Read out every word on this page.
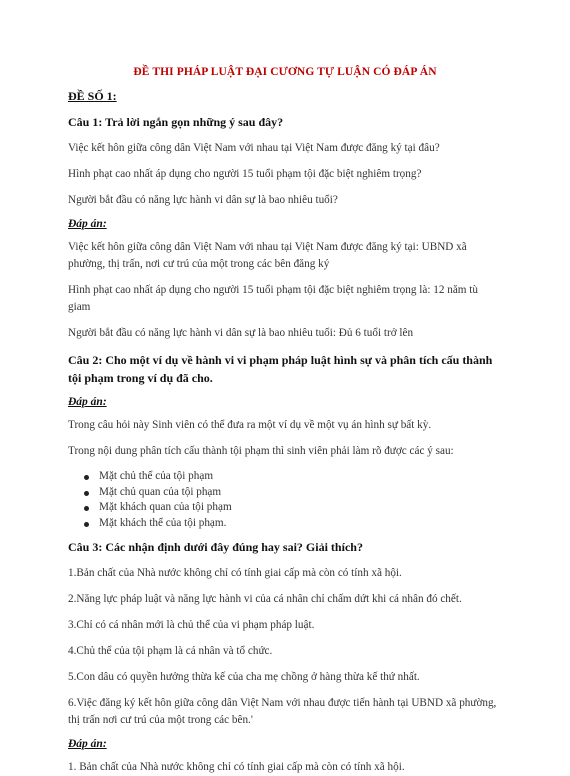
ĐỀ THI PHÁP LUẬT ĐẠI CƯƠNG TỰ LUẬN CÓ ĐÁP ÁN
ĐỀ SỐ 1:
Câu 1: Trả lời ngắn gọn những ý sau đây?
Việc kết hôn giữa công dân Việt Nam với nhau tại Việt Nam được đăng ký tại đâu?
Hình phạt cao nhất áp dụng cho người 15 tuổi phạm tội đặc biệt nghiêm trọng?
Người bắt đầu có năng lực hành vi dân sự là bao nhiêu tuổi?
Đáp án:
Việc kết hôn giữa công dân Việt Nam với nhau tại Việt Nam được đăng ký tại: UBND xã phường, thị trấn, nơi cư trú của một trong các bên đăng ký
Hình phạt cao nhất áp dụng cho người 15 tuổi phạm tội đặc biệt nghiêm trọng là: 12 năm tù giam
Người bắt đầu có năng lực hành vi dân sự là bao nhiêu tuổi: Đủ 6 tuổi trở lên
Câu 2: Cho một ví dụ về hành vi vi phạm pháp luật hình sự và phân tích cấu thành tội phạm trong ví dụ đã cho.
Đáp án:
Trong câu hỏi này Sinh viên có thể đưa ra một ví dụ về một vụ án hình sự bất kỳ.
Trong nội dung phân tích cấu thành tội phạm thì sinh viên phải làm rõ được các ý sau:
Mặt chủ thể của tội phạm
Mặt chủ quan của tội phạm
Mặt khách quan của tội phạm
Mặt khách thể của tội phạm.
Câu 3: Các nhận định dưới đây đúng hay sai? Giải thích?
1.Bản chất của Nhà nước không chỉ có tính giai cấp mà còn có tính xã hội.
2.Năng lực pháp luật và năng lực hành vi của cá nhân chỉ chấm dứt khi cá nhân đó chết.
3.Chỉ có cá nhân mới là chủ thể của vi phạm pháp luật.
4.Chủ thể của tội phạm là cá nhân và tổ chức.
5.Con dâu có quyền hưởng thừa kế của cha mẹ chồng ở hàng thừa kế thứ nhất.
6.Việc đăng ký kết hôn giữa công dân Việt Nam với nhau được tiến hành tại UBND xã phường, thị trấn nơi cư trú của một trong các bên.'
Đáp án:
1. Bản chất của Nhà nước không chỉ có tính giai cấp mà còn có tính xã hội.
